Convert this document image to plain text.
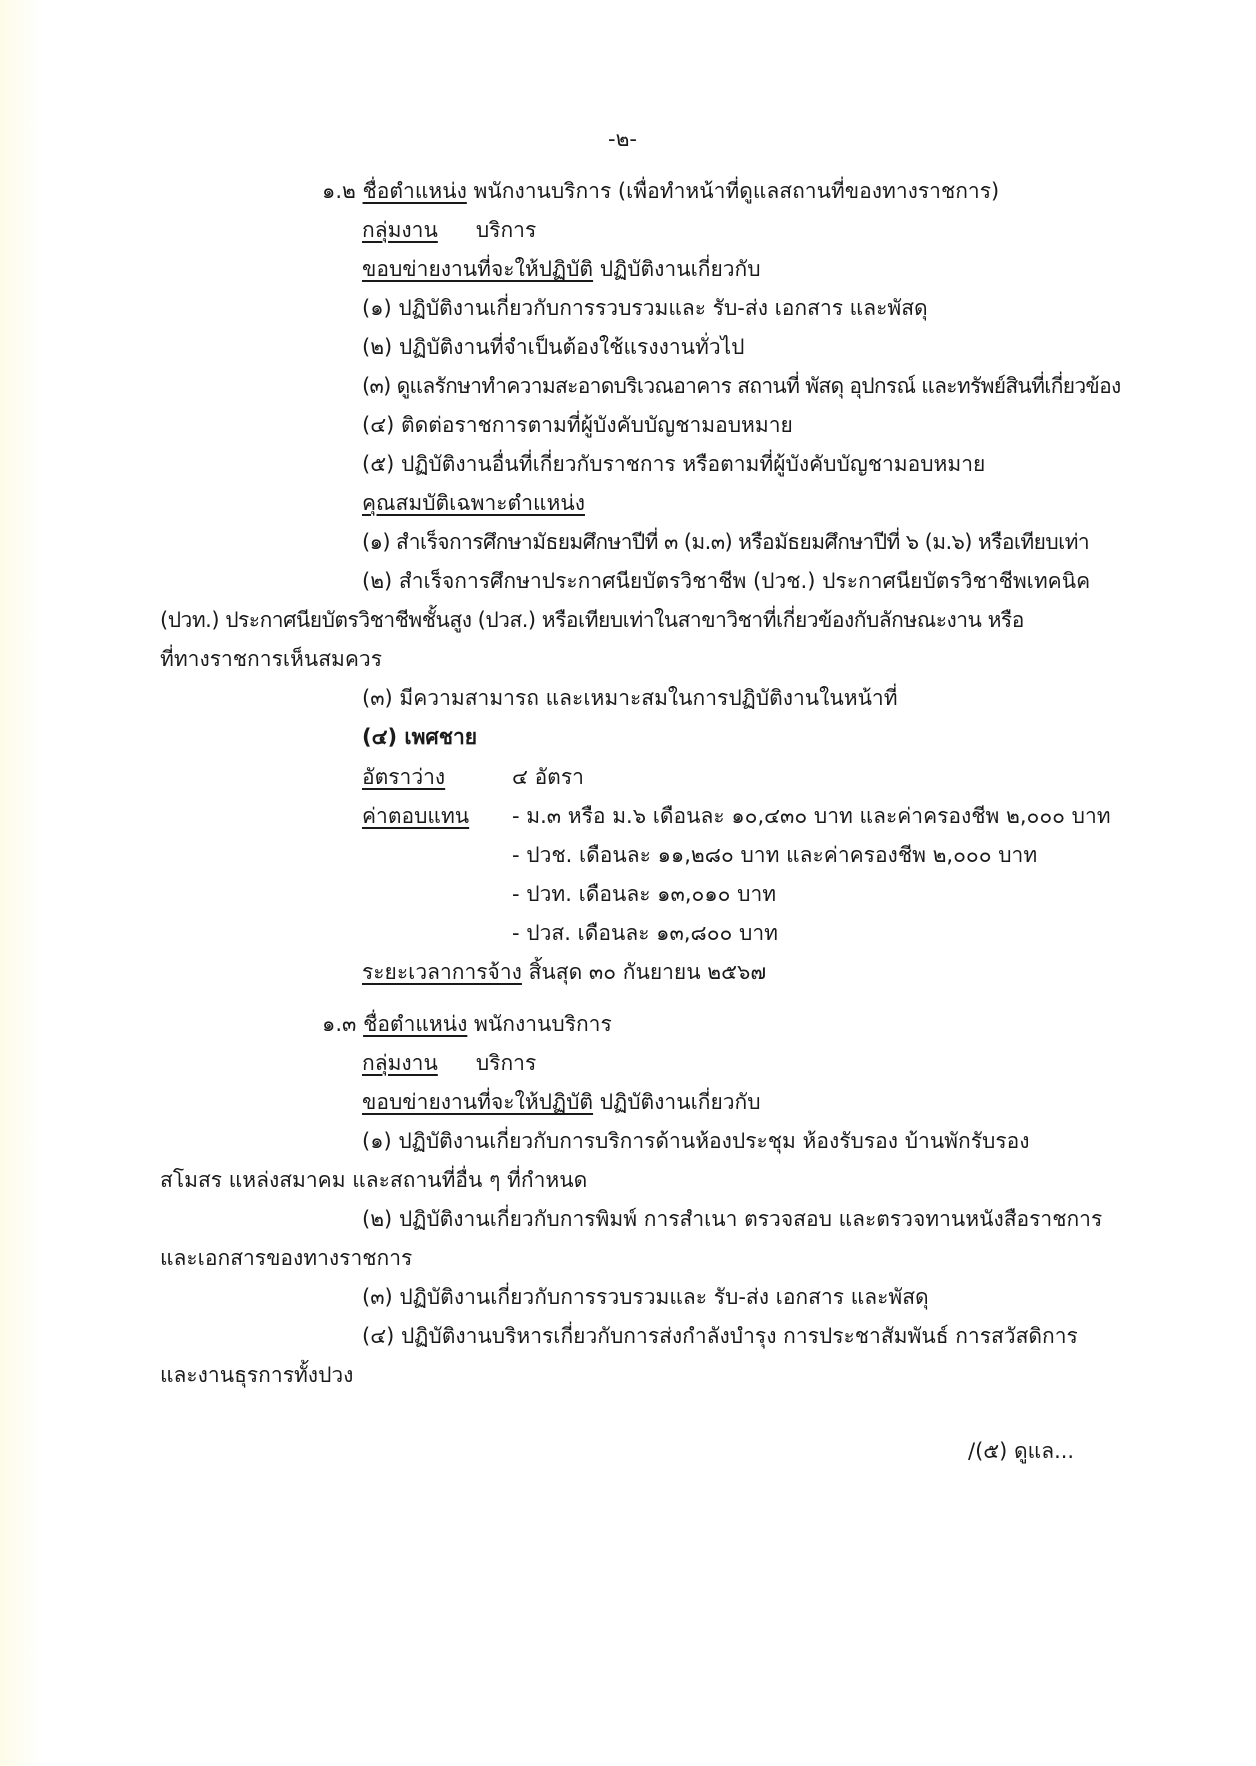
-๒-
๑.๒ ชื่อตำแหน่ง พนักงานบริการ (เพื่อทำหน้าที่ดูแลสถานที่ของทางราชการ)
กลุ่มงาน บริการ
ขอบข่ายงานที่จะให้ปฏิบัติ ปฏิบัติงานเกี่ยวกับ
(๑) ปฏิบัติงานเกี่ยวกับการรวบรวมและ รับ-ส่ง เอกสาร และพัสดุ
(๒) ปฏิบัติงานที่จำเป็นต้องใช้แรงงานทั่วไป
(๓) ดูแลรักษาทำความสะอาดบริเวณอาคาร สถานที่ พัสดุ อุปกรณ์ และทรัพย์สินที่เกี่ยวข้อง
(๔) ติดต่อราชการตามที่ผู้บังคับบัญชามอบหมาย
(๕) ปฏิบัติงานอื่นที่เกี่ยวกับราชการ หรือตามที่ผู้บังคับบัญชามอบหมาย
คุณสมบัติเฉพาะตำแหน่ง
(๑) สำเร็จการศึกษามัธยมศึกษาปีที่ ๓ (ม.๓) หรือมัธยมศึกษาปีที่ ๖ (ม.๖) หรือเทียบเท่า
(๒) สำเร็จการศึกษาประกาศนียบัตรวิชาชีพ (ปวช.) ประกาศนียบัตรวิชาชีพเทคนิค
(ปวท.) ประกาศนียบัตรวิชาชีพชั้นสูง (ปวส.) หรือเทียบเท่าในสาขาวิชาที่เกี่ยวข้องกับลักษณะงาน หรือ
ที่ทางราชการเห็นสมควร
(๓) มีความสามารถ และเหมาะสมในการปฏิบัติงานในหน้าที่
(๔) เพศชาย
อัตราว่าง	๔ อัตรา
ค่าตอบแทน - ม.๓ หรือ ม.๖ เดือนละ ๑๐,๔๓๐ บาท และค่าครองชีพ ๒,๐๐๐ บาท
- ปวช. เดือนละ ๑๑,๒๘๐ บาท และค่าครองชีพ ๒,๐๐๐ บาท
- ปวท. เดือนละ ๑๓,๐๑๐ บาท
- ปวส. เดือนละ ๑๓,๘๐๐ บาท
ระยะเวลาการจ้าง สิ้นสุด ๓๐ กันยายน ๒๕๖๗
๑.๓ ชื่อตำแหน่ง พนักงานบริการ
กลุ่มงาน บริการ
ขอบข่ายงานที่จะให้ปฏิบัติ ปฏิบัติงานเกี่ยวกับ
(๑) ปฏิบัติงานเกี่ยวกับการบริการด้านห้องประชุม ห้องรับรอง บ้านพักรับรอง
สโมสร แหล่งสมาคม และสถานที่อื่น ๆ ที่กำหนด
(๒) ปฏิบัติงานเกี่ยวกับการพิมพ์ การสำเนา ตรวจสอบ และตรวจทานหนังสือราชการ
และเอกสารของทางราชการ
(๓) ปฏิบัติงานเกี่ยวกับการรวบรวมและ รับ-ส่ง เอกสาร และพัสดุ
(๔) ปฏิบัติงานบริหารเกี่ยวกับการส่งกำลังบำรุง การประชาสัมพันธ์ การสวัสดิการ
และงานธุรการทั้งปวง
/(๕) ดูแล...
